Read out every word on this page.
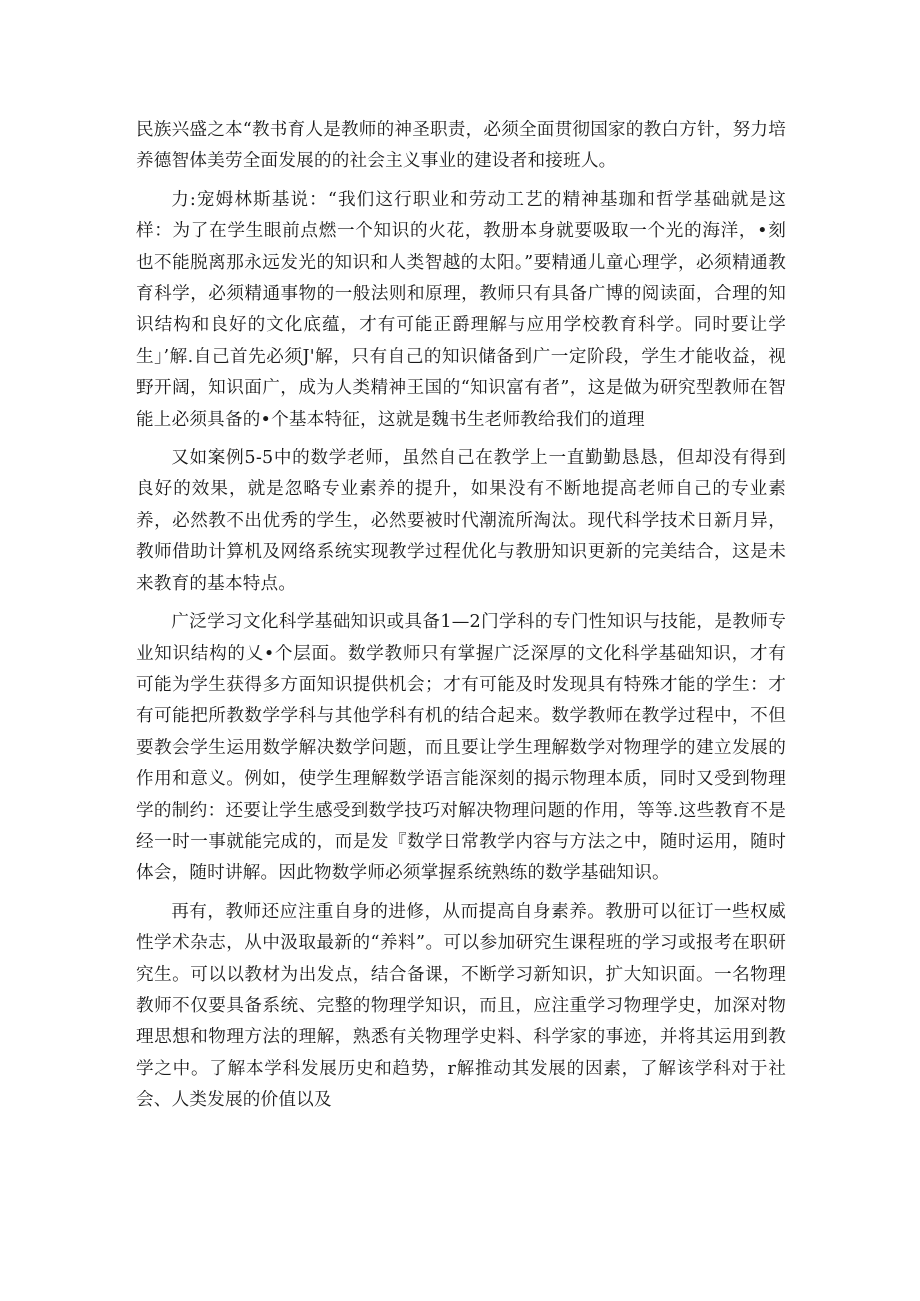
民族兴盛之本“教书育人是教师的神圣职责，必须全面贯彻国家的教白方针，努力培养德智体美劳全面发展的的社会主义事业的建设者和接班人。

力:宠姆林斯基说：“我们这行职业和劳动工艺的精神基珈和哲学基础就是这样：为了在学生眼前点燃一个知识的火花，教册本身就要吸取一个光的海洋，•刻也不能脱离那永远发光的知识和人类智越的太阳。”要精通儿童心理学，必须精通教育科学，必须精通事物的一般法则和原理，教师只有具备广博的阅读面，合理的知识结构和良好的文化底蕴，才有可能正爵理解与应用学校教育科学。同时要让学生」’解.自己首先必须J'解，只有自己的知识储备到广一定阶段，学生才能收益，视野开阔，知识面广，成为人类精神王国的“知识富有者”，这是做为研究型教师在智能上必须具备的•个基本特征，这就是魏书生老师教给我们的道理

又如案例5-5中的数学老师，虽然自己在教学上一直勤勤恳恳，但却没有得到良好的效果，就是忽略专业素养的提升，如果没有不断地提高老师自己的专业素养，必然教不出优秀的学生，必然要被时代潮流所淘汰。现代科学技术日新月异，教师借助计算机及网络系统实现教学过程优化与教册知识更新的完美结合，这是未来教育的基本特点。

广泛学习文化科学基础知识或具备1—2门学科的专门性知识与技能，是教师专业知识结构的乂•个层面。数学教师只有掌握广泛深厚的文化科学基础知识，才有可能为学生获得多方面知识提供机会；才有可能及时发现具有特殊才能的学生：才有可能把所教数学学科与其他学科有机的结合起来。数学教师在教学过程中，不但要教会学生运用数学解决数学问题，而且要让学生理解数学对物理学的建立发展的作用和意义。例如，使学生理解数学语言能深刻的揭示物理本质，同时又受到物理学的制约：还要让学生感受到数学技巧对解决物理问题的作用，等等.这些教育不是经一时一事就能完成的，而是发『数学日常教学内容与方法之中，随时运用，随时体会，随时讲解。因此物数学师必须掌握系统熟练的数学基础知识。

再有，教师还应注重自身的进修，从而提高自身素养。教册可以征订一些权威性学术杂志，从中汲取最新的“养料”。可以参加研究生课程班的学习或报考在职研究生。可以以教材为出发点，结合备课，不断学习新知识，扩大知识面。一名物理教师不仅要具备系统、完整的物理学知识，而且，应注重学习物理学史，加深对物理思想和物理方法的理解，熟悉有关物理学史料、科学家的事迹，并将其运用到教学之中。了解本学科发展历史和趋势，r解推动其发展的因素，了解该学科对于社会、人类发展的价值以及
